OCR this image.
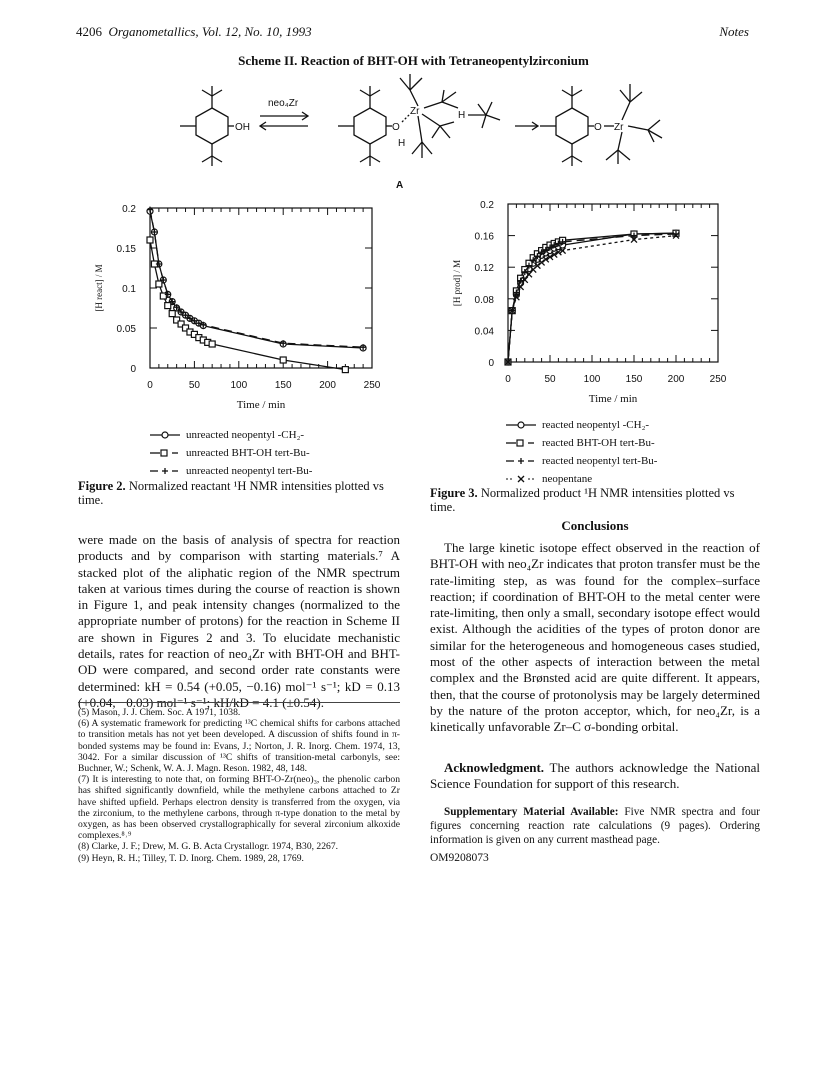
4206 Organometallics, Vol. 12, No. 10, 1993	Notes
Scheme II. Reaction of BHT-OH with Tetraneopentylzirconium
OH
neo₄Zr
O
H
Zr
A
H
O Zr
0	50	100	150	200	250
0
0.05
0.1
0.15
0.2
Time / min
[H react] / M
unreacted neopentyl -CH₂-
unreacted BHT-OH tert-Bu-
unreacted neopentyl tert-Bu-
Figure 2. Normalized reactant ¹H NMR intensities plotted vs time.
0	50	100	150	200	250
0
0.04
0.08
0.12
0.16
0.2
Time / min
[H prod] / M
reacted neopentyl -CH₂-
reacted BHT-OH tert-Bu-
reacted neopentyl tert-Bu-
neopentane
Figure 3. Normalized product ¹H NMR intensities plotted vs time.

were made on the basis of analysis of spectra for reaction products and by comparison with starting materials.⁷ A stacked plot of the aliphatic region of the NMR spectrum taken at various times during the course of reaction is shown in Figure 1, and peak intensity changes (normalized to the appropriate number of protons) for the reaction in Scheme II are shown in Figures 2 and 3. To elucidate mechanistic details, rates for reaction of neo₄Zr with BHT-OH and BHT-OD were compared, and second order rate constants were determined: kH = 0.54 (+0.05, −0.16) mol⁻¹ s⁻¹; kD = 0.13 (+0.04, −0.03) mol⁻¹ s⁻¹; kH/kD = 4.1 (±0.54).

(5) Mason, J. J. Chem. Soc. A 1971, 1038.
(6) A systematic framework for predicting ¹³C chemical shifts for carbons attached to transition metals has not yet been developed. A discussion of shifts found in π-bonded systems may be found in: Evans, J.; Norton, J. R. Inorg. Chem. 1974, 13, 3042. For a similar discussion of ¹³C shifts of transition-metal carbonyls, see: Buchner, W.; Schenk, W. A. J. Magn. Reson. 1982, 48, 148.
(7) It is interesting to note that, on forming BHT-O-Zr(neo)₃, the phenolic carbon has shifted significantly downfield, while the methylene carbons attached to Zr have shifted upfield. Perhaps electron density is transferred from the oxygen, via the zirconium, to the methylene carbons, through π-type donation to the metal by oxygen, as has been observed crystallographically for several zirconium alkoxide complexes.⁸˒⁹
(8) Clarke, J. F.; Drew, M. G. B. Acta Crystallogr. 1974, B30, 2267.
(9) Heyn, R. H.; Tilley, T. D. Inorg. Chem. 1989, 28, 1769.
Conclusions

The large kinetic isotope effect observed in the reaction of BHT-OH with neo₄Zr indicates that proton transfer must be the rate-limiting step, as was found for the complex–surface reaction; if coordination of BHT-OH to the metal center were rate-limiting, then only a small, secondary isotope effect would exist. Although the acidities of the types of proton donor are similar for the heterogeneous and homogeneous cases studied, most of the other aspects of interaction between the metal complex and the Brønsted acid are quite different. It appears, then, that the course of protonolysis may be largely determined by the nature of the proton acceptor, which, for neo₄Zr, is a kinetically unfavorable Zr–C σ-bonding orbital.

Acknowledgment. The authors acknowledge the National Science Foundation for support of this research.
Supplementary Material Available: Five NMR spectra and four figures concerning reaction rate calculations (9 pages). Ordering information is given on any current masthead page.
OM9208073
